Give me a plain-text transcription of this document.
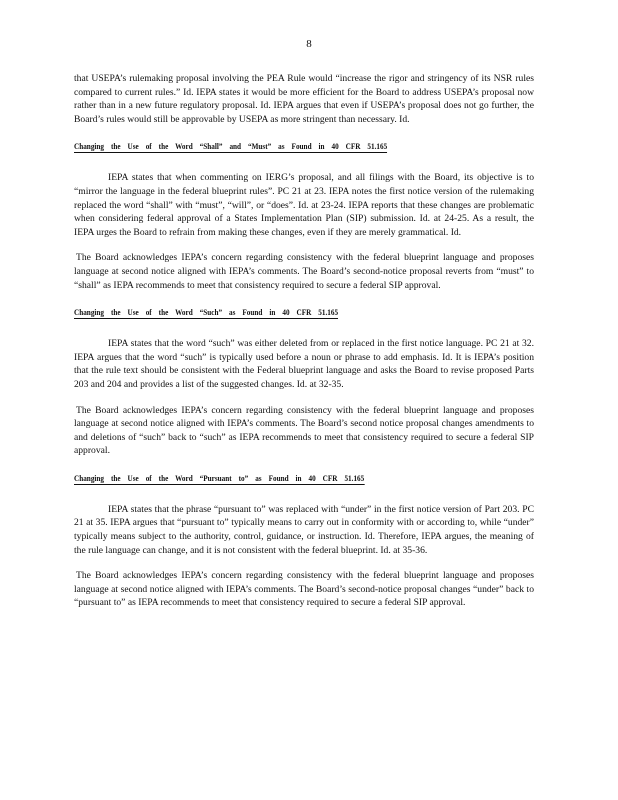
8

that USEPA’s rulemaking proposal involving the PEA Rule would “increase the rigor and stringency of its NSR rules compared to current rules.” Id. IEPA states it would be more efficient for the Board to address USEPA’s proposal now rather than in a new future regulatory proposal. Id. IEPA argues that even if USEPA’s proposal does not go further, the Board’s rules would still be approvable by USEPA as more stringent than necessary. Id.

Changing the Use of the Word “Shall” and “Must” as Found in 40 CFR 51.165

IEPA states that when commenting on IERG’s proposal, and all filings with the Board, its objective is to “mirror the language in the federal blueprint rules”. PC 21 at 23. IEPA notes the first notice version of the rulemaking replaced the word “shall” with “must”, “will”, or “does”. Id. at 23-24. IEPA reports that these changes are problematic when considering federal approval of a States Implementation Plan (SIP) submission. Id. at 24-25. As a result, the IEPA urges the Board to refrain from making these changes, even if they are merely grammatical. Id.

The Board acknowledges IEPA’s concern regarding consistency with the federal blueprint language and proposes language at second notice aligned with IEPA’s comments. The Board’s second-notice proposal reverts from “must” to “shall” as IEPA recommends to meet that consistency required to secure a federal SIP approval.

Changing the Use of the Word “Such” as Found in 40 CFR 51.165

IEPA states that the word “such” was either deleted from or replaced in the first notice language. PC 21 at 32. IEPA argues that the word “such” is typically used before a noun or phrase to add emphasis. Id. It is IEPA’s position that the rule text should be consistent with the Federal blueprint language and asks the Board to revise proposed Parts 203 and 204 and provides a list of the suggested changes. Id. at 32-35.

The Board acknowledges IEPA’s concern regarding consistency with the federal blueprint language and proposes language at second notice aligned with IEPA’s comments. The Board’s second notice proposal changes amendments to and deletions of “such” back to “such” as IEPA recommends to meet that consistency required to secure a federal SIP approval.

Changing the Use of the Word “Pursuant to” as Found in 40 CFR 51.165

IEPA states that the phrase “pursuant to” was replaced with “under” in the first notice version of Part 203. PC 21 at 35. IEPA argues that “pursuant to” typically means to carry out in conformity with or according to, while “under” typically means subject to the authority, control, guidance, or instruction. Id. Therefore, IEPA argues, the meaning of the rule language can change, and it is not consistent with the federal blueprint. Id. at 35-36.

The Board acknowledges IEPA’s concern regarding consistency with the federal blueprint language and proposes language at second notice aligned with IEPA’s comments. The Board’s second-notice proposal changes “under” back to “pursuant to” as IEPA recommends to meet that consistency required to secure a federal SIP approval.
